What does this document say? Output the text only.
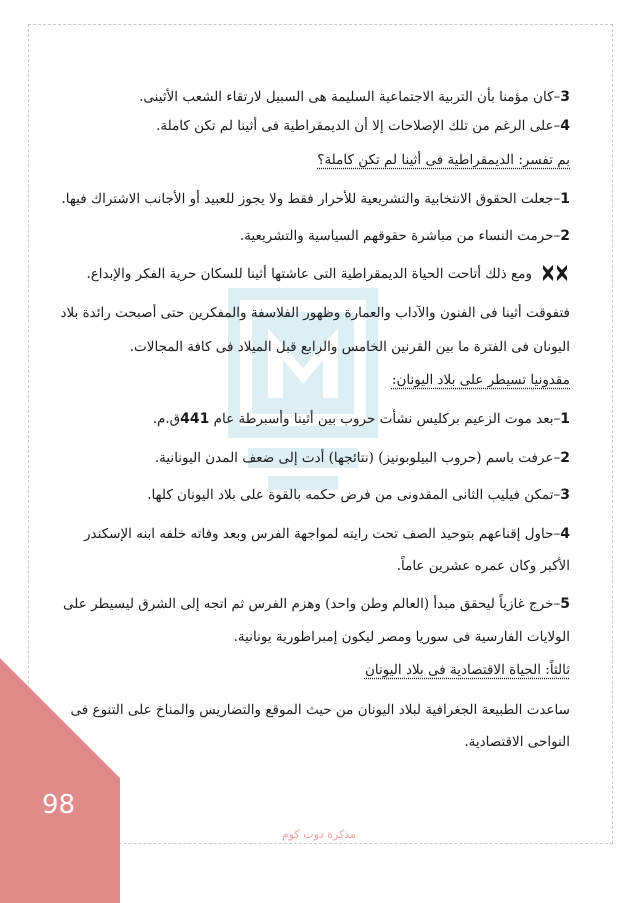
98
مذكرة دوت كوم

3–كان مؤمنا بأن التربية الاجتماعية السليمة هى السبيل لارتقاء الشعب الأثينى.

4–على الرغم من تلك الإصلاحات إلا أن الديمقراطية فى أثينا لم تكن كاملة.

بم تفسر: الديمقراطية فى أثينا لم تكن كاملة؟

1–جعلت الحقوق الانتخابية والتشريعية للأحرار فقط ولا يجوز للعبيد أو الأجانب الاشتراك فيها.

2–حرمت النساء من مباشرة حقوقهم السياسية والتشريعية.

ومع ذلك أتاحت الحياة الديمقراطية التى عاشتها أثينا للسكان حرية الفكر والإبداع.

فتفوقت أثينا فى الفنون والآداب والعمارة وظهور الفلاسفة والمفكرين حتى أصبحت رائدة بلاد

اليونان فى الفترة ما بين القرنين الخامس والرابع قبل الميلاد فى كافة المجالات.

مقدونيا تسيطر على بلاد اليونان:

1–بعد موت الزعيم بركليس نشأت حروب بين أثينا وأسبرطة عام 441ق.م.

2–عرفت باسم (حروب البيلوبونيز) (نتائجها) أدت إلى ضعف المدن اليونانية.

3–تمكن فيليب الثانى المقدونى من فرض حكمه بالقوة على بلاد اليونان كلها.

4–حاول إقناعهم بتوحيد الصف تحت رايته لمواجهة الفرس وبعد وفاته خلفه ابنه الإسكندر

الأكبر وكان عمره عشرين عاماً.

5–خرج غازياً ليحقق مبدأ (العالم وطن واحد) وهزم الفرس ثم اتجه إلى الشرق ليسيطر على

الولايات الفارسية فى سوريا ومصر ليكون إمبراطورية يونانية.

ثالثاً: الحياة الاقتصادية فى بلاد اليونان

ساعدت الطبيعة الجغرافية لبلاد اليونان من حيث الموقع والتضاريس والمناخ على التنوع فى

النواحى الاقتصادية.
